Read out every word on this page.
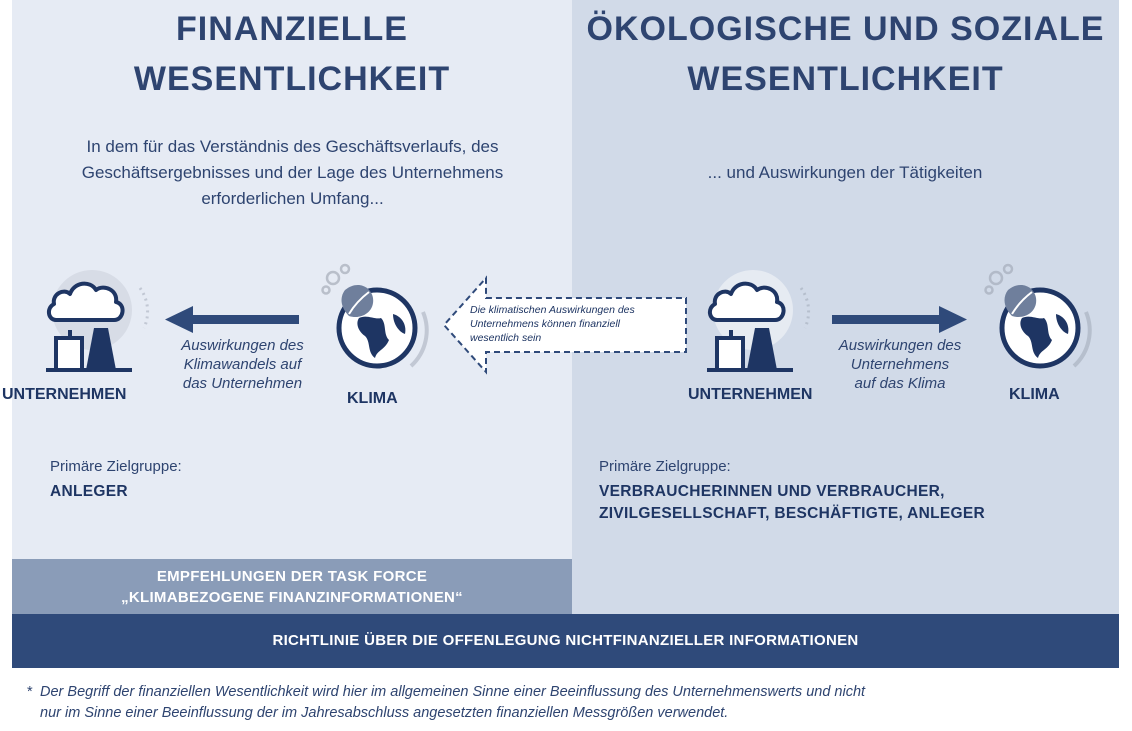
FINANZIELLE
WESENTLICHKEIT
ÖKOLOGISCHE UND SOZIALE
WESENTLICHKEIT
In dem für das Verständnis des Geschäftsverlaufs, des
Geschäftsergebnisses und der Lage des Unternehmens
erforderlichen Umfang...
... und Auswirkungen der Tätigkeiten
UNTERNEHMEN	KLIMA
Auswirkungen des
Klimawandels auf
das Unternehmen
Die klimatischen Auswirkungen des
Unternehmens können finanziell
wesentlich sein
UNTERNEHMEN	KLIMA
Auswirkungen des
Unternehmens
auf das Klima
Primäre Zielgruppe:
ANLEGER
Primäre Zielgruppe:
VERBRAUCHERINNEN UND VERBRAUCHER,
ZIVILGESELLSCHAFT, BESCHÄFTIGTE, ANLEGER
EMPFEHLUNGEN DER TASK FORCE
„KLIMABEZOGENE FINANZINFORMATIONEN“
RICHTLINIE ÜBER DIE OFFENLEGUNG NICHTFINANZIELLER INFORMATIONEN
* Der Begriff der finanziellen Wesentlichkeit wird hier im allgemeinen Sinne einer Beeinflussung des Unternehmenswerts und nicht
nur im Sinne einer Beeinflussung der im Jahresabschluss angesetzten finanziellen Messgrößen verwendet.
